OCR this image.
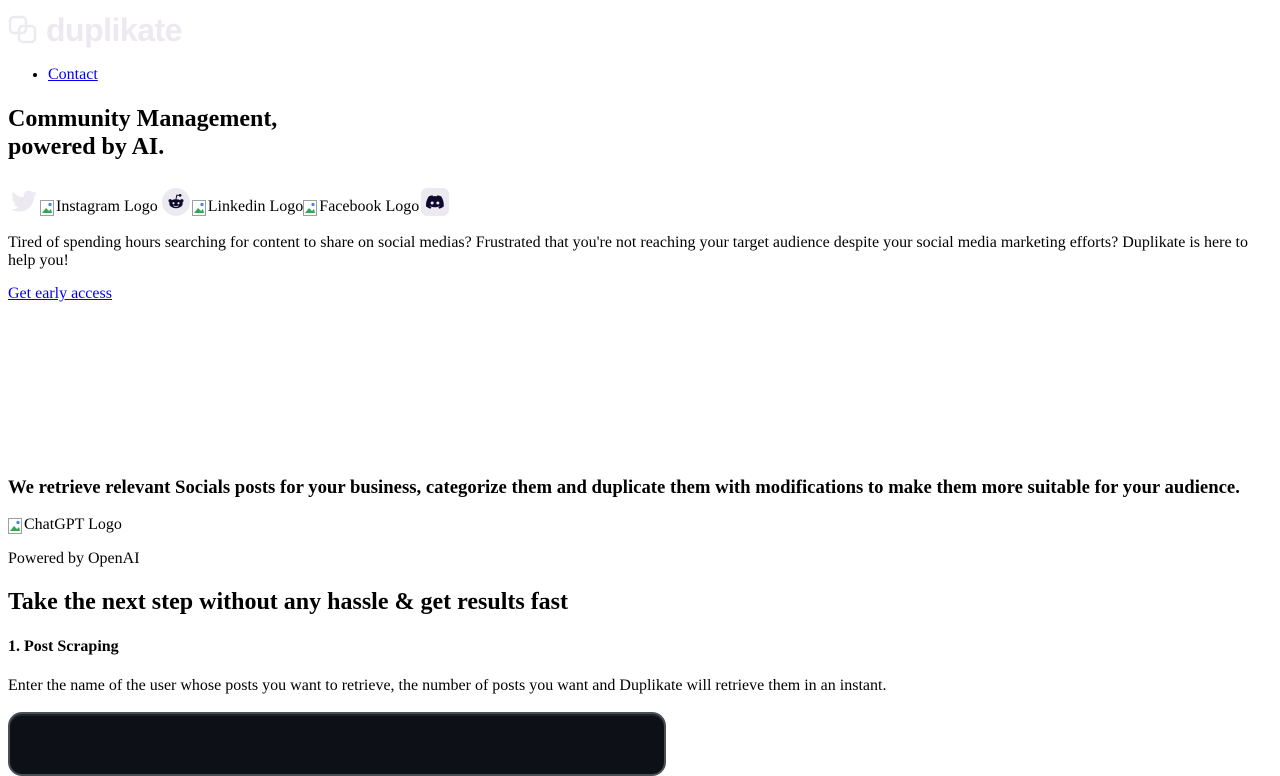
duplikate
• Contact
Community Management,
powered by AI.
Instagram Logo	Linkedin Logo Facebook Logo

Tired of spending hours searching for content to share on social medias? Frustrated that you're not reaching your target audience despite your social media marketing efforts? Duplikate is here to help you!

Get early access
We retrieve relevant Socials posts for your business, categorize them and duplicate them with modifications to make them more suitable for your audience.
ChatGPT Logo

Powered by OpenAI

Take the next step without any hassle & get results fast
1. Post Scraping

Enter the name of the user whose posts you want to retrieve, the number of posts you want and Duplikate will retrieve them in an instant.
